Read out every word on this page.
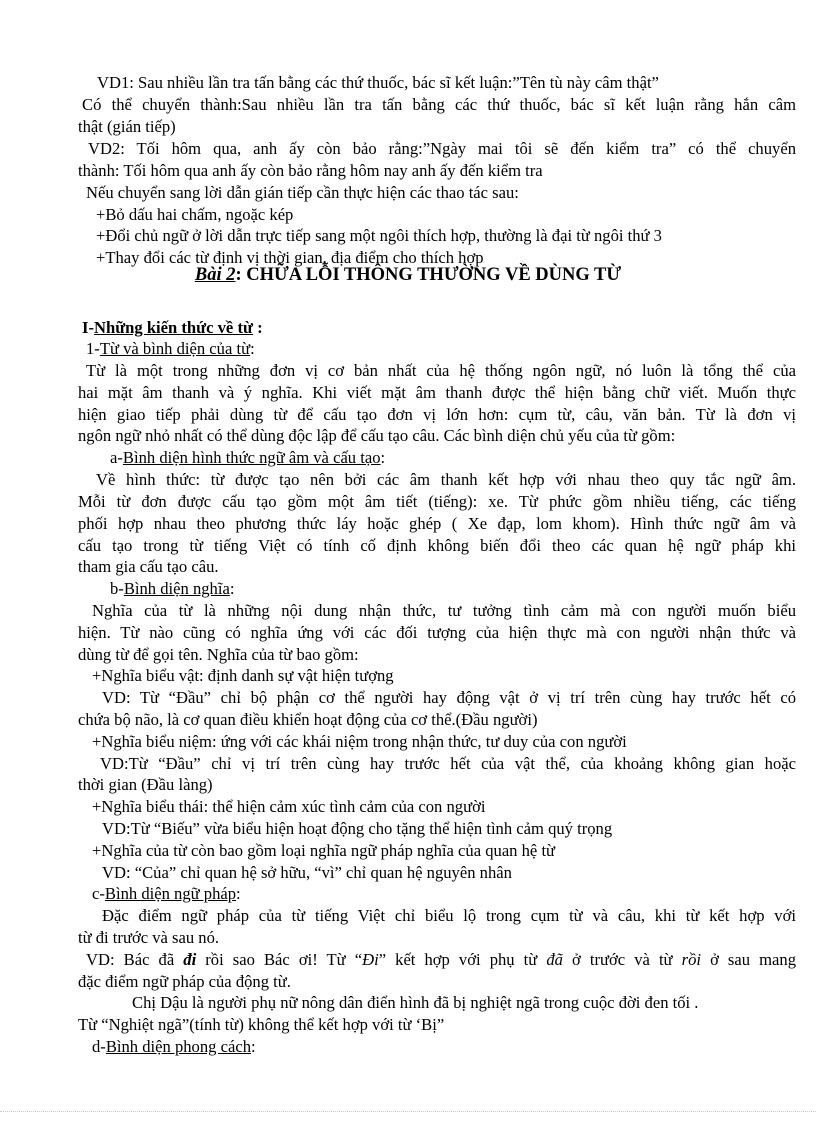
VD1: Sau nhiều lần tra tấn bằng các thứ thuốc, bác sĩ kết luận:”Tên tù này câm thật”
Có thể chuyển thành:Sau nhiều lần tra tấn bằng các thứ thuốc, bác sĩ kết luận rằng hắn câm
thật (gián tiếp)
VD2: Tối hôm qua, anh ấy còn bảo rằng:”Ngày mai tôi sẽ đến kiểm tra” có thể chuyển
thành: Tối hôm qua anh ấy còn bảo rằng hôm nay anh ấy đến kiểm tra
Nếu chuyển sang lời dẫn gián tiếp cần thực hiện các thao tác sau:
+Bỏ dấu hai chấm, ngoặc kép
+Đổi chủ ngữ ở lời dẫn trực tiếp sang một ngôi thích hợp, thường là đại từ ngôi thứ 3
+Thay đổi các từ định vị thời gian, địa điểm cho thích hợp
Bài 2: CHỮA LỖI THÔNG THƯỜNG VỀ DÙNG TỪ
I-Những kiến thức về từ :
1-Từ và bình diện của từ:
Từ là một trong những đơn vị cơ bản nhất của hệ thống ngôn ngữ, nó luôn là tổng thể của
hai mặt âm thanh và ý nghĩa. Khi viết mặt âm thanh được thể hiện bằng chữ viết. Muốn thực
hiện giao tiếp phải dùng từ để cấu tạo đơn vị lớn hơn: cụm từ, câu, văn bản. Từ là đơn vị
ngôn ngữ nhỏ nhất có thể dùng độc lập để cấu tạo câu. Các bình diện chủ yếu của từ gồm:
a-Bình diện hình thức ngữ âm và cấu tạo:
Về hình thức: từ được tạo nên bởi các âm thanh kết hợp với nhau theo quy tắc ngữ âm.
Mỗi từ đơn được cấu tạo gồm một âm tiết (tiếng): xe. Từ phức gồm nhiều tiếng, các tiếng
phối hợp nhau theo phương thức láy hoặc ghép ( Xe đạp, lom khom). Hình thức ngữ âm và
cấu tạo trong từ tiếng Việt có tính cố định không biến đổi theo các quan hệ ngữ pháp khi
tham gia cấu tạo câu.
b-Bình diện nghĩa:
Nghĩa của từ là những nội dung nhận thức, tư tưởng tình cảm mà con người muốn biểu
hiện. Từ nào cũng có nghĩa ứng với các đối tượng của hiện thực mà con người nhận thức và
dùng từ để gọi tên. Nghĩa của từ bao gồm:
+Nghĩa biểu vật: định danh sự vật hiện tượng
VD: Từ “Đầu” chỉ bộ phận cơ thể người hay động vật ở vị trí trên cùng hay trước hết có
chứa bộ não, là cơ quan điều khiển hoạt động của cơ thể.(Đầu người)
+Nghĩa biểu niệm: ứng với các khái niệm trong nhận thức, tư duy của con người
VD:Từ “Đầu” chỉ vị trí trên cùng hay trước hết của vật thể, của khoảng không gian hoặc
thời gian (Đầu làng)
+Nghĩa biểu thái: thể hiện cảm xúc tình cảm của con người
VD:Từ “Biếu” vừa biểu hiện hoạt động cho tặng thể hiện tình cảm quý trọng
+Nghĩa của từ còn bao gồm loại nghĩa ngữ pháp nghĩa của quan hệ từ
VD: “Của” chỉ quan hệ sở hữu, “vì” chỉ quan hệ nguyên nhân
c-Bình diện ngữ pháp:
Đặc điểm ngữ pháp của từ tiếng Việt chỉ biểu lộ trong cụm từ và câu, khi từ kết hợp với
từ đi trước và sau nó.
VD: Bác đã đi rồi sao Bác ơi! Từ “Đi” kết hợp với phụ từ đã ở trước và từ rồi ở sau mang
đặc điểm ngữ pháp của động từ.
Chị Dậu là người phụ nữ nông dân điển hình đã bị nghiệt ngã trong cuộc đời đen tối .
Từ “Nghiệt ngã”(tính từ) không thể kết hợp với từ ‘Bị”
d-Bình diện phong cách:
